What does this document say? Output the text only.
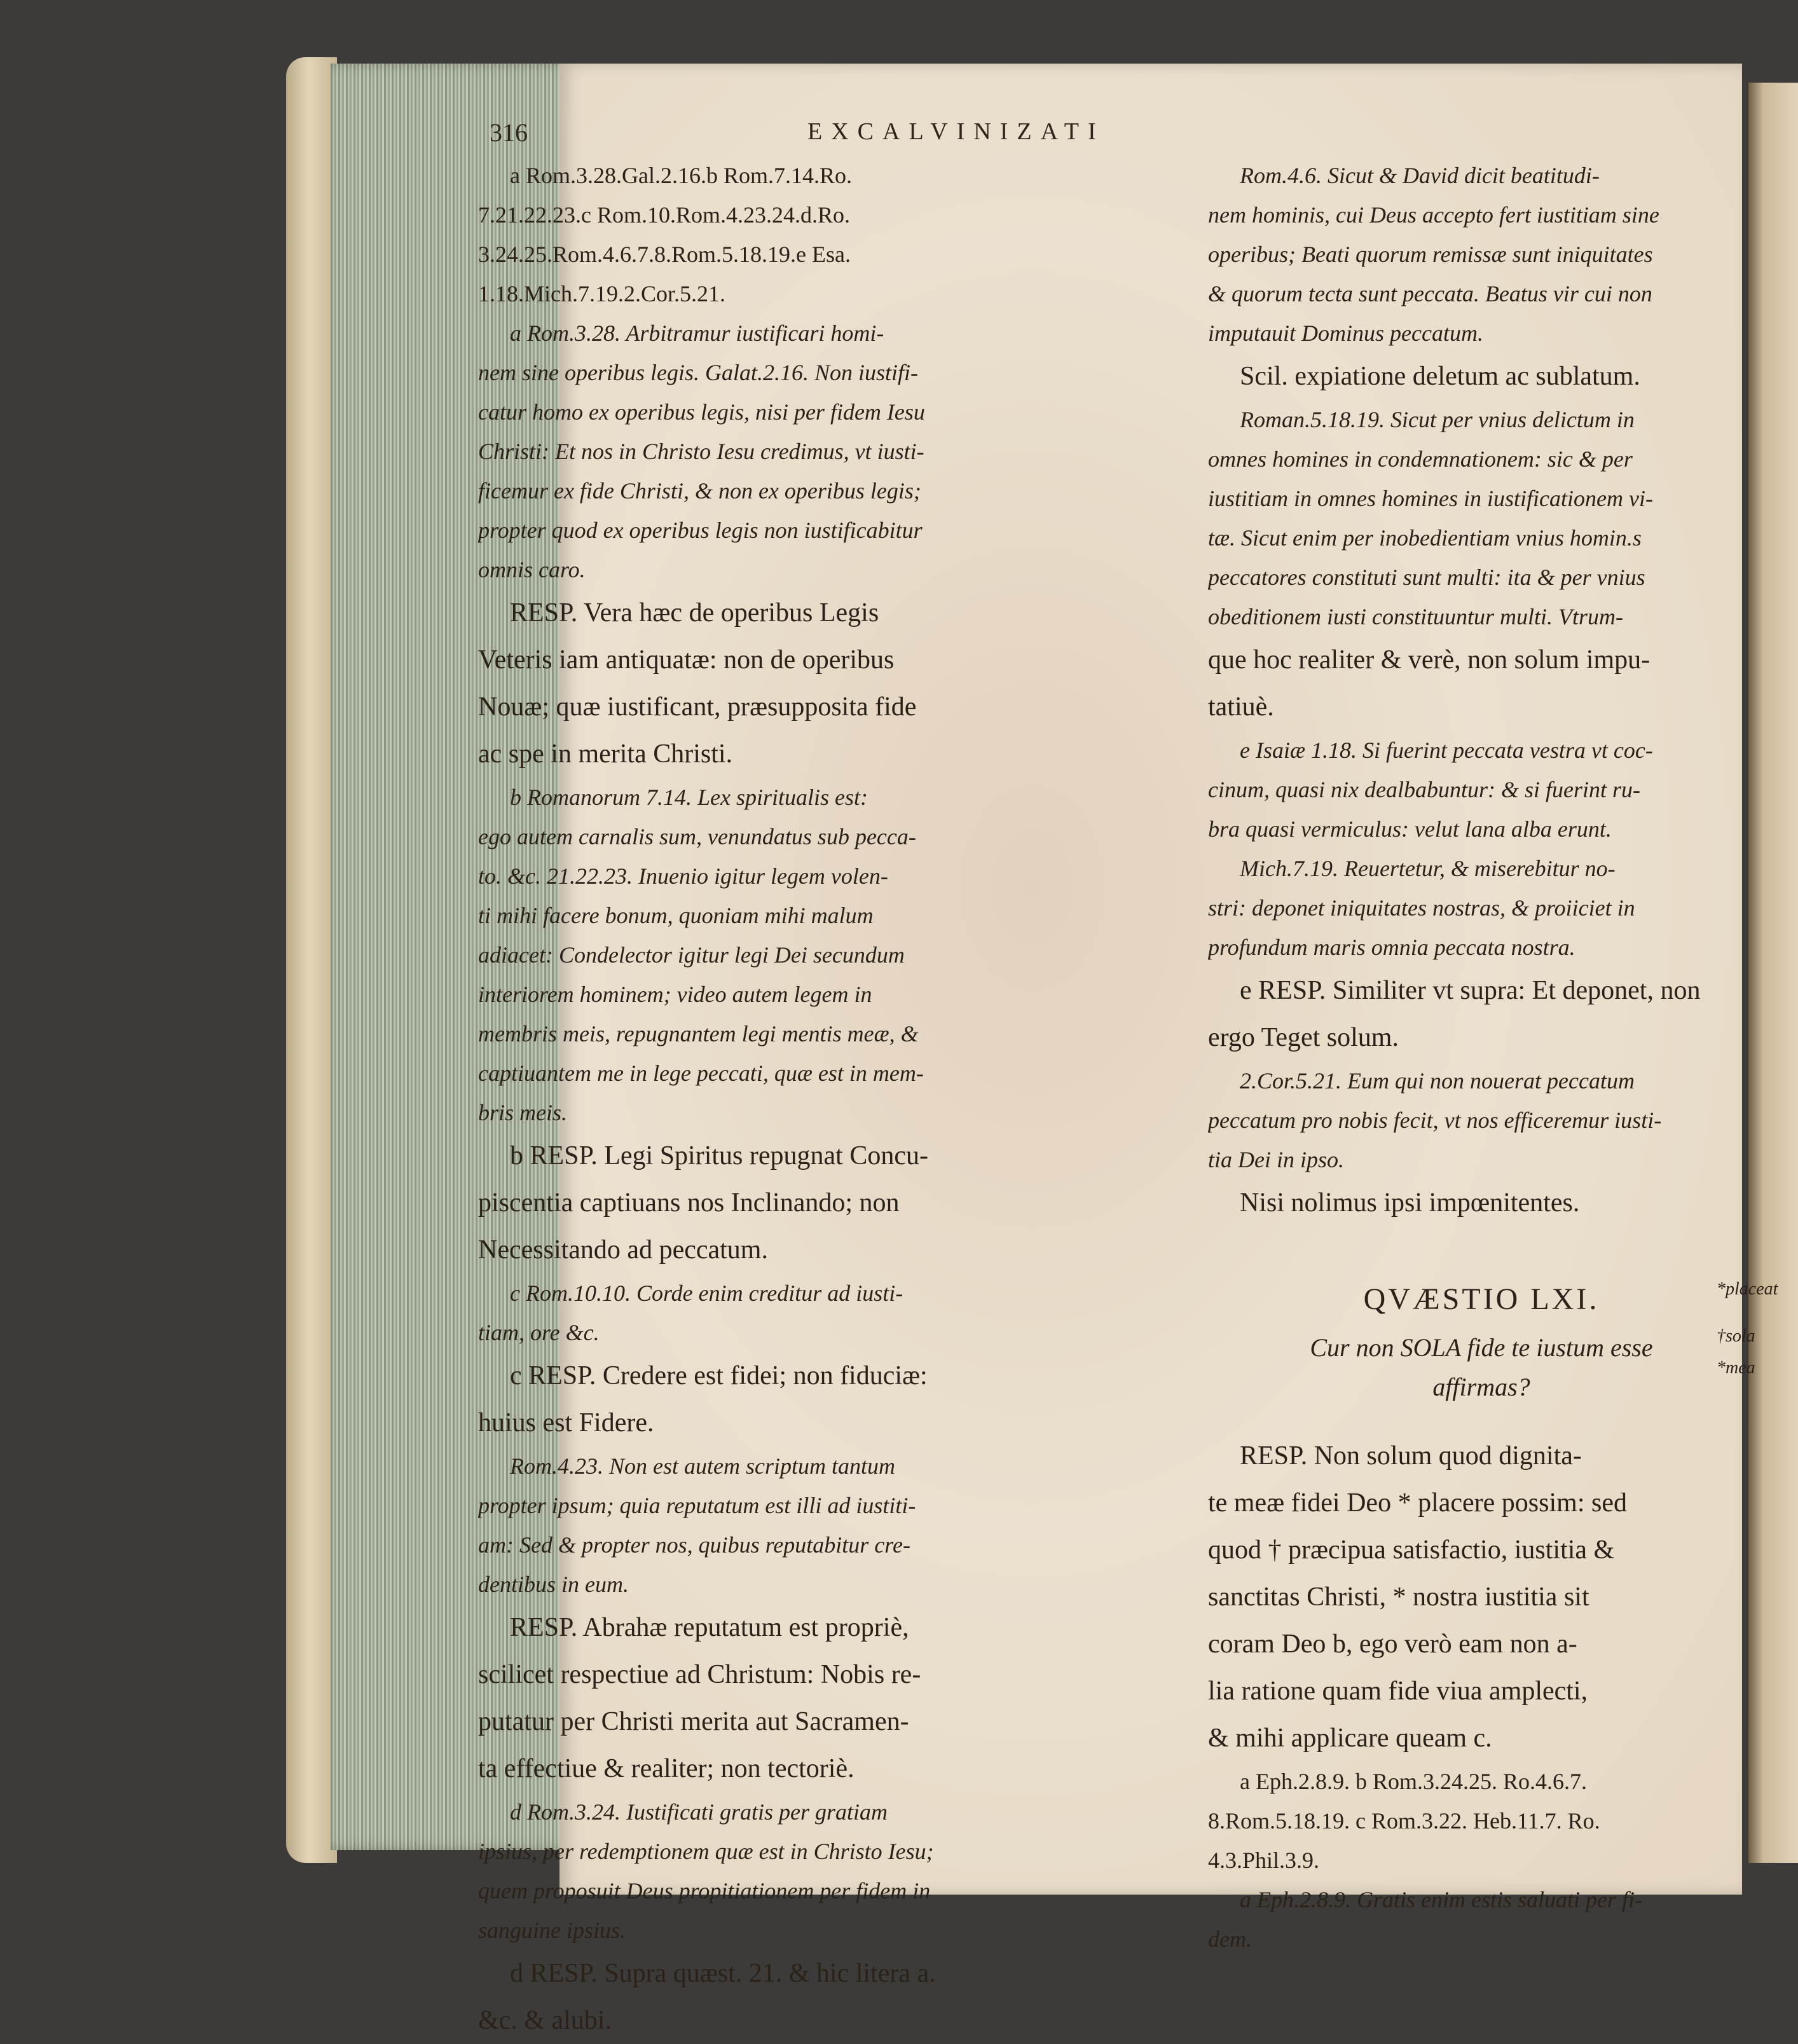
316	EXCALVINIZATI
a Rom.3.28.Gal.2.16.b Rom.7.14.Ro.
7.21.22.23.c Rom.10.Rom.4.23.24.d.Ro.
3.24.25.Rom.4.6.7.8.Rom.5.18.19.e Esa.
1.18.Mich.7.19.2.Cor.5.21.
a Rom.3.28. Arbitramur iustificari homi-
nem sine operibus legis. Galat.2.16. Non iustifi-
catur homo ex operibus legis, nisi per fidem Iesu
Christi: Et nos in Christo Iesu credimus, vt iusti-
ficemur ex fide Christi, & non ex operibus legis;
propter quod ex operibus legis non iustificabitur
omnis caro.
RESP. Vera hæc de operibus Legis
Veteris iam antiquatæ: non de operibus
Nouæ; quæ iustificant, præsupposita fide
ac spe in merita Christi.
b Romanorum 7.14. Lex spiritualis est:
ego autem carnalis sum, venundatus sub pecca-
to. &c. 21.22.23. Inuenio igitur legem volen-
ti mihi facere bonum, quoniam mihi malum
adiacet: Condelector igitur legi Dei secundum
interiorem hominem; video autem legem in
membris meis, repugnantem legi mentis meæ, &
captiuantem me in lege peccati, quæ est in mem-
bris meis.
b RESP. Legi Spiritus repugnat Concu-
piscentia captiuans nos Inclinando; non
Necessitando ad peccatum.
c Rom.10.10. Corde enim creditur ad iusti-
tiam, ore &c.
c RESP. Credere est fidei; non fiduciæ:
huius est Fidere.
Rom.4.23. Non est autem scriptum tantum
propter ipsum; quia reputatum est illi ad iustiti-
am: Sed & propter nos, quibus reputabitur cre-
dentibus in eum.
RESP. Abrahæ reputatum est propriè,
scilicet respectiue ad Christum: Nobis re-
putatur per Christi merita aut Sacramen-
ta effectiue & realiter; non tectoriè.
d Rom.3.24. Iustificati gratis per gratiam
ipsius, per redemptionem quæ est in Christo Iesu;
quem proposuit Deus propitiationem per fidem in
sanguine ipsius.
d RESP. Supra quæst. 21. & hic litera a.
&c. & alubi.
Rom.4.6. Sicut & David dicit beatitudi-
nem hominis, cui Deus accepto fert iustitiam sine
operibus; Beati quorum remissæ sunt iniquitates
& quorum tecta sunt peccata. Beatus vir cui non
imputauit Dominus peccatum.
Scil. expiatione deletum ac sublatum.
Roman.5.18.19. Sicut per vnius delictum in
omnes homines in condemnationem: sic & per
iustitiam in omnes homines in iustificationem vi-
tæ. Sicut enim per inobedientiam vnius homin.s
peccatores constituti sunt multi: ita & per vnius
obeditionem iusti constituuntur multi. Vtrum-
que hoc realiter & verè, non solum impu-
tatiuè.
e Isaiæ 1.18. Si fuerint peccata vestra vt coc-
cinum, quasi nix dealbabuntur: & si fuerint ru-
bra quasi vermiculus: velut lana alba erunt.
Mich.7.19. Reuertetur, & miserebitur no-
stri: deponet iniquitates nostras, & proiiciet in
profundum maris omnia peccata nostra.
e RESP. Similiter vt supra: Et deponet, non
ergo Teget solum.
2.Cor.5.21. Eum qui non nouerat peccatum
peccatum pro nobis fecit, vt nos efficeremur iusti-
tia Dei in ipso.
Nisi nolimus ipsi impœnitentes.
QVÆSTIO LXI.
Cur non SOLA fide te iustum esse
affirmas?
RESP. Non solum quod dignita-
te meæ fidei Deo * placere possim: sed
quod † præcipua satisfactio, iustitia &
sanctitas Christi, * nostra iustitia sit
coram Deo b, ego verò eam non a-
lia ratione quam fide viua amplecti,
& mihi applicare queam c.
a Eph.2.8.9. b Rom.3.24.25. Ro.4.6.7.
8.Rom.5.18.19. c Rom.3.22. Heb.11.7. Ro.
4.3.Phil.3.9.
a Eph.2.8.9. Gratis enim estis saluati per fi-
dem.
*placeat
†sola
*mea
